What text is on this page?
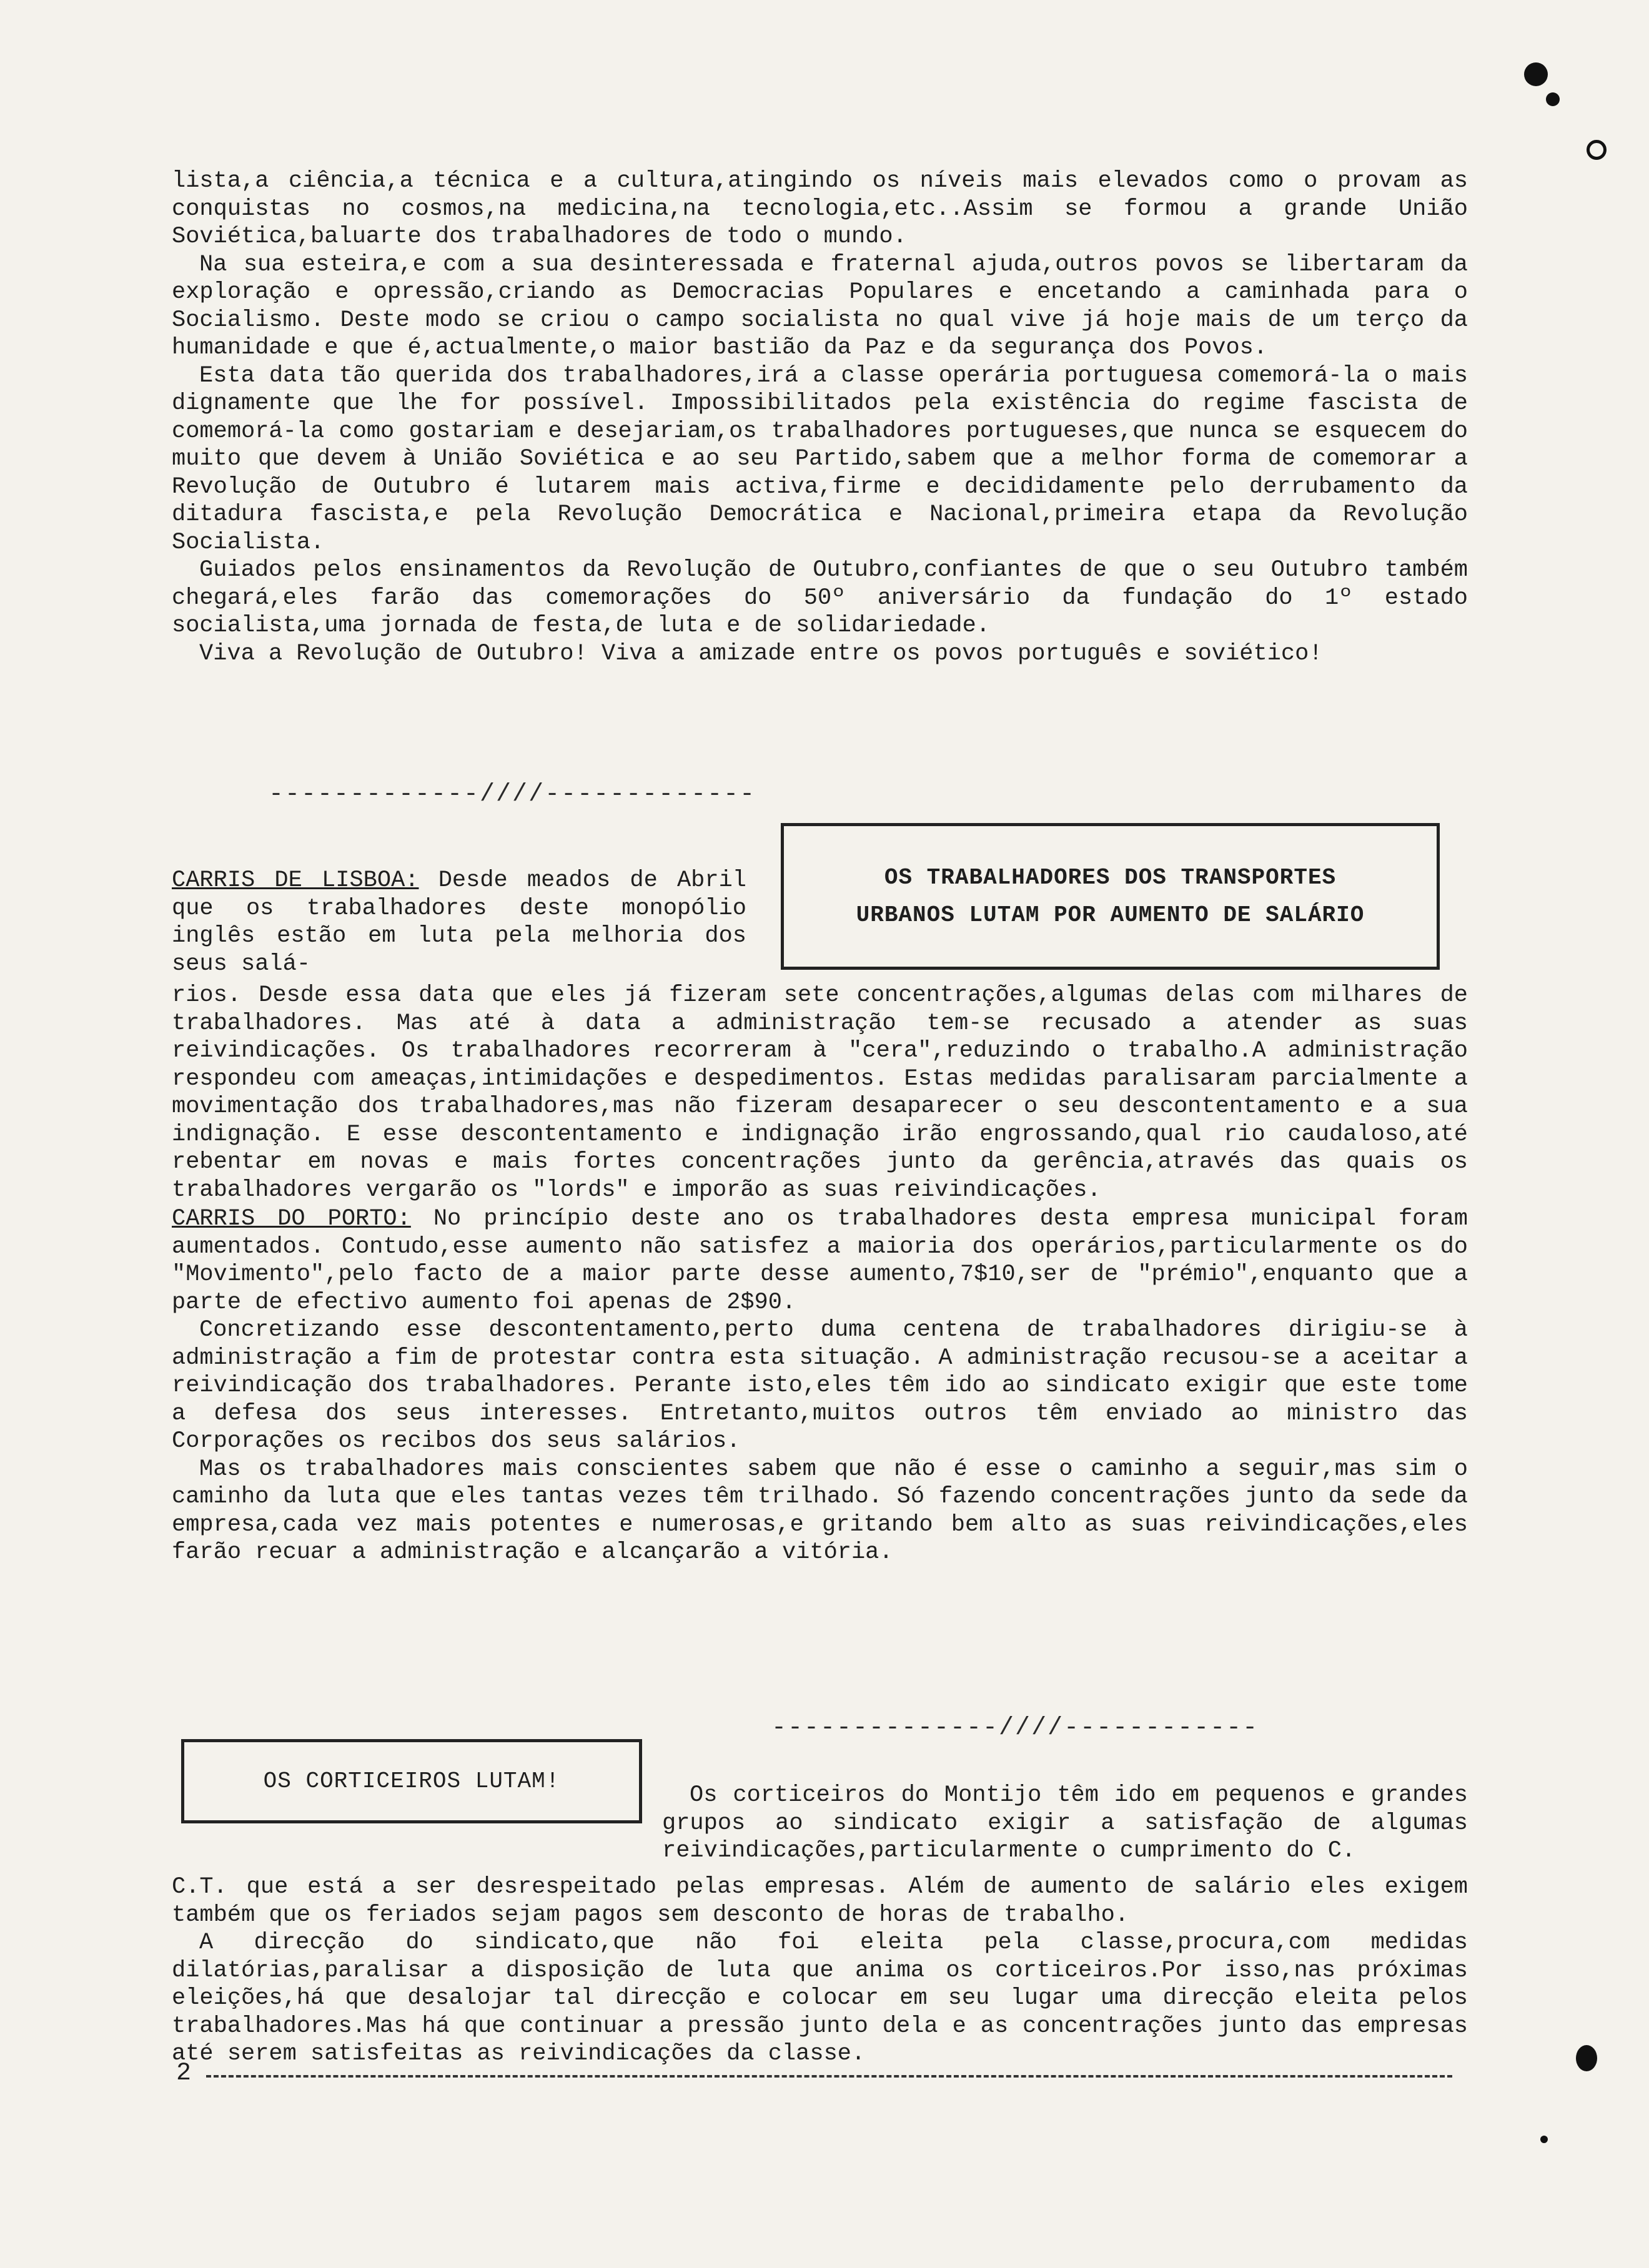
lista,a ciência,a técnica e a cultura,atingindo os níveis mais elevados como o provam as conquistas no cosmos,na medicina,na tecnologia,etc..Assim se formou a grande União Soviética,baluarte dos trabalhadores de todo o mundo.

Na sua esteira,e com a sua desinteressada e fraternal ajuda,outros povos se libertaram da exploração e opressão,criando as Democracias Populares e encetando a caminhada para o Socialismo. Deste modo se criou o campo socialista no qual vive já hoje mais de um terço da humanidade e que é,actualmente,o maior bastião da Paz e da segurança dos Povos.

Esta data tão querida dos trabalhadores,irá a classe operária portuguesa comemorá-la o mais dignamente que lhe for possível. Impossibilitados pela existência do regime fascista de comemorá-la como gostariam e desejariam,os trabalhadores portugueses,que nunca se esquecem do muito que devem à União Soviética e ao seu Partido,sabem que a melhor forma de comemorar a Revolução de Outubro é lutarem mais activa,firme e decididamente pelo derrubamento da ditadura fascista,e pela Revolução Democrática e Nacional,primeira etapa da Revolução Socialista.

Guiados pelos ensinamentos da Revolução de Outubro,confiantes de que o seu Outubro também chegará,eles farão das comemorações do 50º aniversário da fundação do 1º estado socialista,uma jornada de festa,de luta e de solidariedade.

Viva a Revolução de Outubro! Viva a amizade entre os povos português e soviético!

-------------////-------------
OS TRABALHADORES DOS TRANSPORTES
URBANOS LUTAM POR AUMENTO DE SALÁRIO

CARRIS DE LISBOA: Desde meados de Abril que os trabalhadores deste monopólio inglês estão em luta pela melhoria dos seus salá-

rios. Desde essa data que eles já fizeram sete concentrações,algumas delas com milhares de trabalhadores. Mas até à data a administração tem-se recusado a atender as suas reivindicações. Os trabalhadores recorreram à "cera",reduzindo o trabalho.A administração respondeu com ameaças,intimidações e despedimentos. Estas medidas paralisaram parcialmente a movimentação dos trabalhadores,mas não fizeram desaparecer o seu descontentamento e a sua indignação. E esse descontentamento e indignação irão engrossando,qual rio caudaloso,até rebentar em novas e mais fortes concentrações junto da gerência,através das quais os trabalhadores vergarão os "lords" e imporão as suas reivindicações.

CARRIS DO PORTO: No princípio deste ano os trabalhadores desta empresa municipal foram aumentados. Contudo,esse aumento não satisfez a maioria dos operários,particularmente os do "Movimento",pelo facto de a maior parte desse aumento,7$10,ser de "prémio",enquanto que a parte de efectivo aumento foi apenas de 2$90.

Concretizando esse descontentamento,perto duma centena de trabalhadores dirigiu-se à administração a fim de protestar contra esta situação. A administração recusou-se a aceitar a reivindicação dos trabalhadores. Perante isto,eles têm ido ao sindicato exigir que este tome a defesa dos seus interesses. Entretanto,muitos outros têm enviado ao ministro das Corporações os recibos dos seus salários.

Mas os trabalhadores mais conscientes sabem que não é esse o caminho a seguir,mas sim o caminho da luta que eles tantas vezes têm trilhado. Só fazendo concentrações junto da sede da empresa,cada vez mais potentes e numerosas,e gritando bem alto as suas reivindicações,eles farão recuar a administração e alcançarão a vitória.

--------------////------------
OS CORTICEIROS LUTAM!

Os corticeiros do Montijo têm ido em pequenos e grandes grupos ao sindicato exigir a satisfação de algumas reivindicações,particularmente o cumprimento do C.

C.T. que está a ser desrespeitado pelas empresas. Além de aumento de salário eles exigem também que os feriados sejam pagos sem desconto de horas de trabalho.

A direcção do sindicato,que não foi eleita pela classe,procura,com medidas dilatórias,paralisar a disposição de luta que anima os corticeiros.Por isso,nas próximas eleições,há que desalojar tal direcção e colocar em seu lugar uma direcção eleita pelos trabalhadores.Mas há que continuar a pressão junto dela e as concentrações junto das empresas até serem satisfeitas as reivindicações da classe.

2
